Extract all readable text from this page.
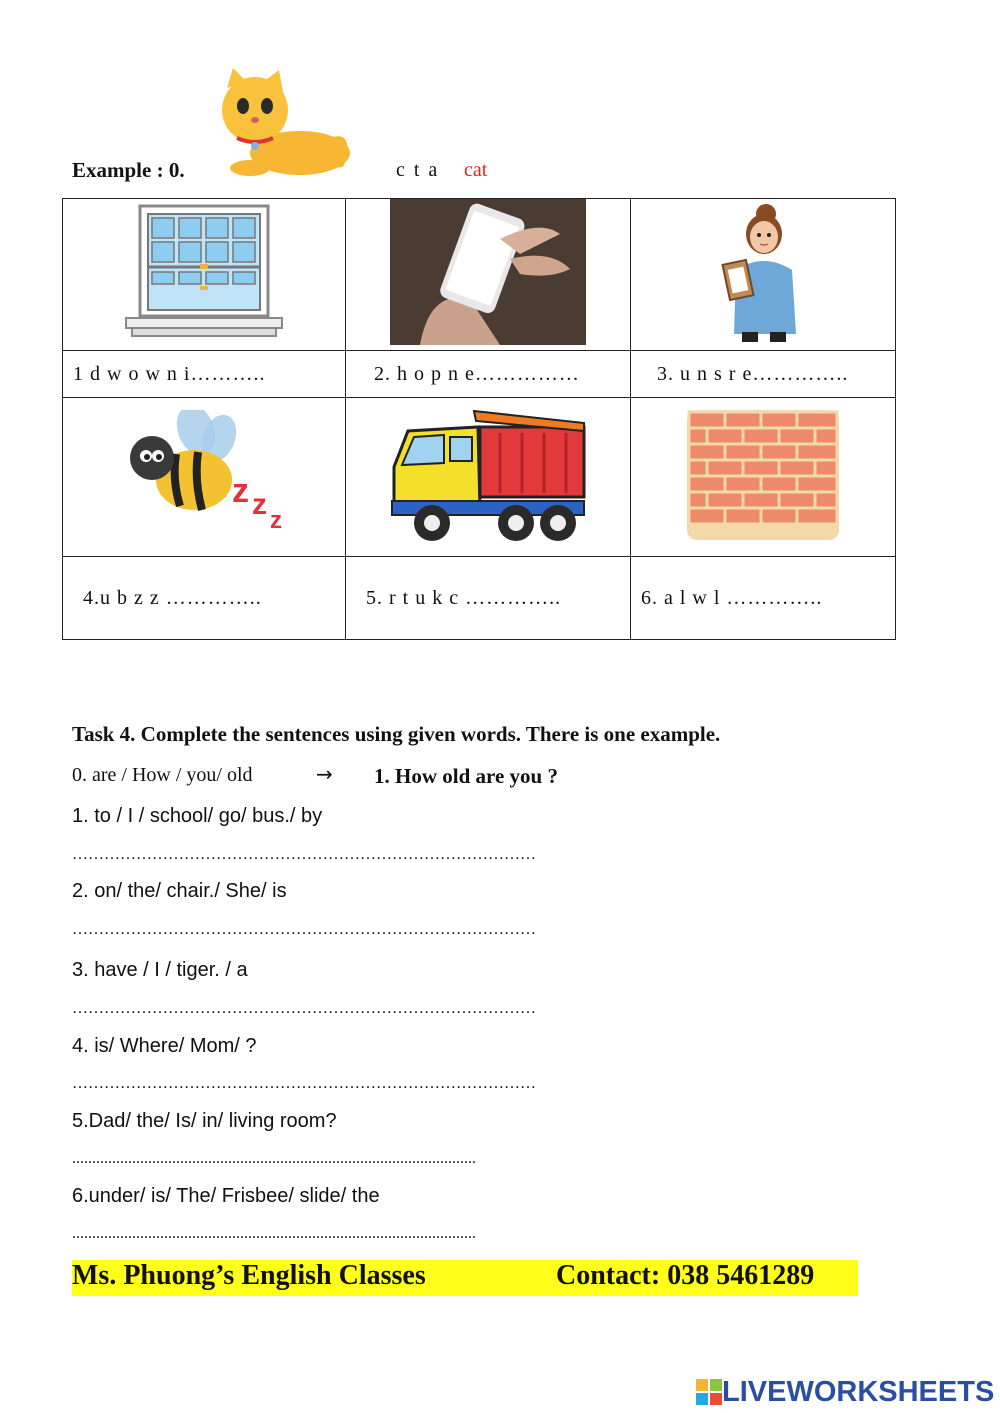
Example : 0.	c t a cat

1 d w o w n i………..	2. h o p n e……………	3. u n s r e…………..

z z z

4.u b z z …………..	5. r t u k c …………..	6. a l w l …………..
Task 4. Complete the sentences using given words. There is one example.
0. are / How / you/ old	→ 1. How old are you ?
1. to / I / school/ go/ bus./ by
……………………………………………………………………………
2. on/ the/ chair./ She/ is
……………………………………………………………………………
3. have / I / tiger. / a
……………………………………………………………………………
4. is/ Where/ Mom/ ?
……………………………………………………………………………
5.Dad/ the/ Is/ in/ living room?
.....................................................................................................
6.under/ is/ The/ Frisbee/ slide/ the
.....................................................................................................
Ms. Phuong’s English Classes	Contact: 038 5461289
LIVEWORKSHEETS
